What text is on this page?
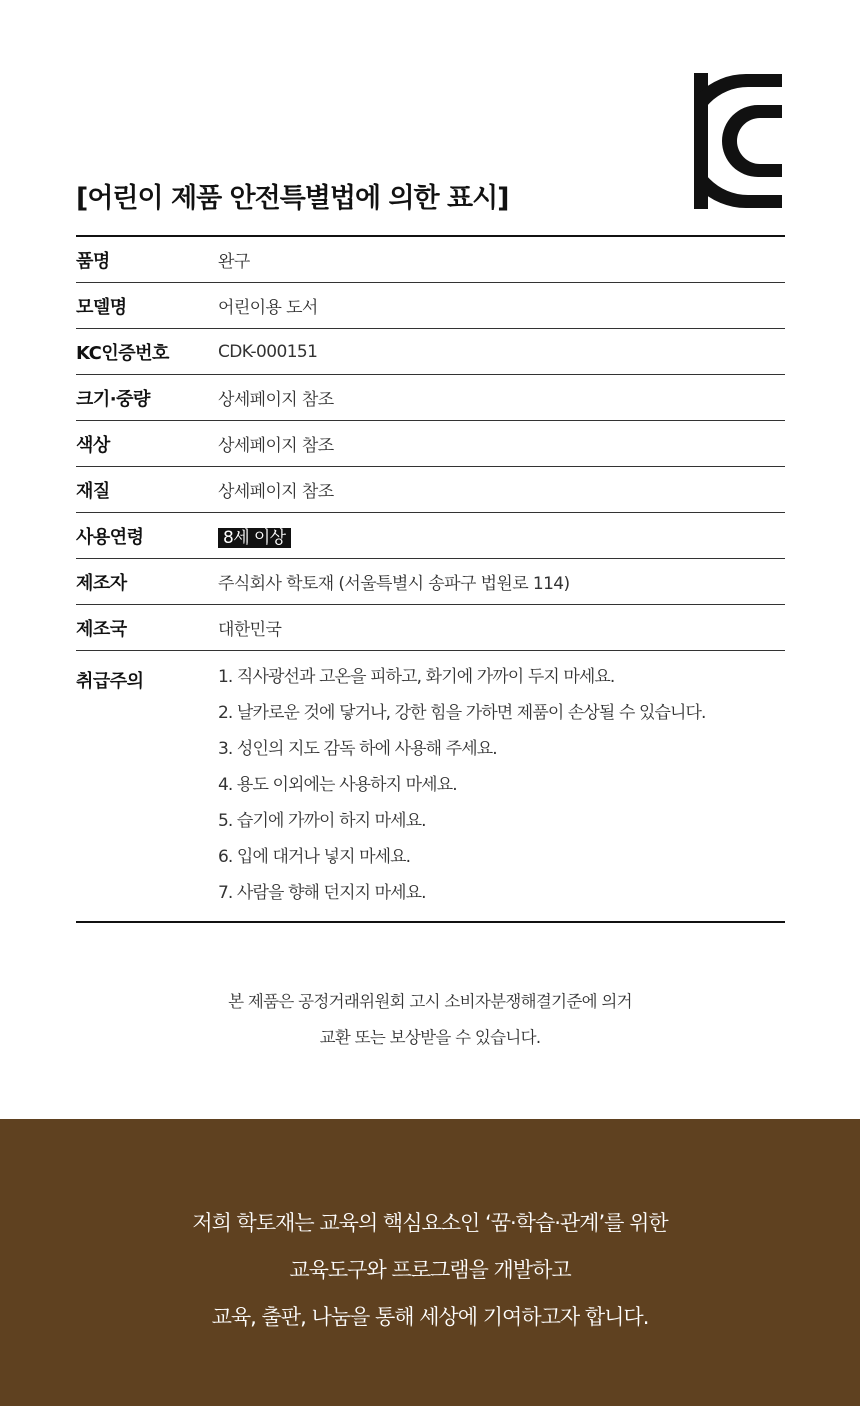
[어린이 제품 안전특별법에 의한 표시]
품명	완구
모델명	어린이용 도서
KC인증번호	CDK-000151
크기·중량	상세페이지 참조
색상	상세페이지 참조
재질	상세페이지 참조
사용연령	8세 이상
제조자	주식회사 학토재 (서울특별시 송파구 법원로 114)
제조국	대한민국
취급주의	1. 직사광선과 고온을 피하고, 화기에 가까이 두지 마세요.
2. 날카로운 것에 닿거나, 강한 힘을 가하면 제품이 손상될 수 있습니다.
3. 성인의 지도 감독 하에 사용해 주세요.
4. 용도 이외에는 사용하지 마세요.
5. 습기에 가까이 하지 마세요.
6. 입에 대거나 넣지 마세요.
7. 사람을 향해 던지지 마세요.
본 제품은 공정거래위원회 고시 소비자분쟁해결기준에 의거
교환 또는 보상받을 수 있습니다.
저희 학토재는 교육의 핵심요소인 ‘꿈·학습·관계’를 위한
교육도구와 프로그램을 개발하고
교육, 출판, 나눔을 통해 세상에 기여하고자 합니다.
